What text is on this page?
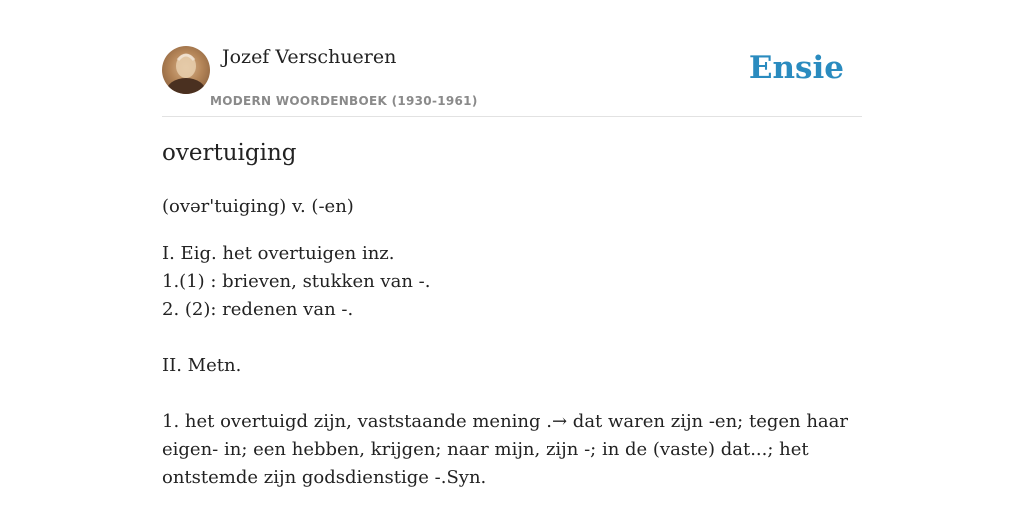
Jozef Verschueren
MODERN WOORDENBOEK (1930-1961)
Ensie
overtuiging

(ovər'tuiging) v. (-en)

I. Eig. het overtuigen inz.

1.(1) : brieven, stukken van -.

2. (2): redenen van -.

II. Metn.

1. het overtuigd zijn, vaststaande mening .→ dat waren zijn -en; tegen haar eigen- in; een hebben, krijgen; naar mijn, zijn -; in de (vaste) dat...; het ontstemde zijn godsdienstige -.Syn.
